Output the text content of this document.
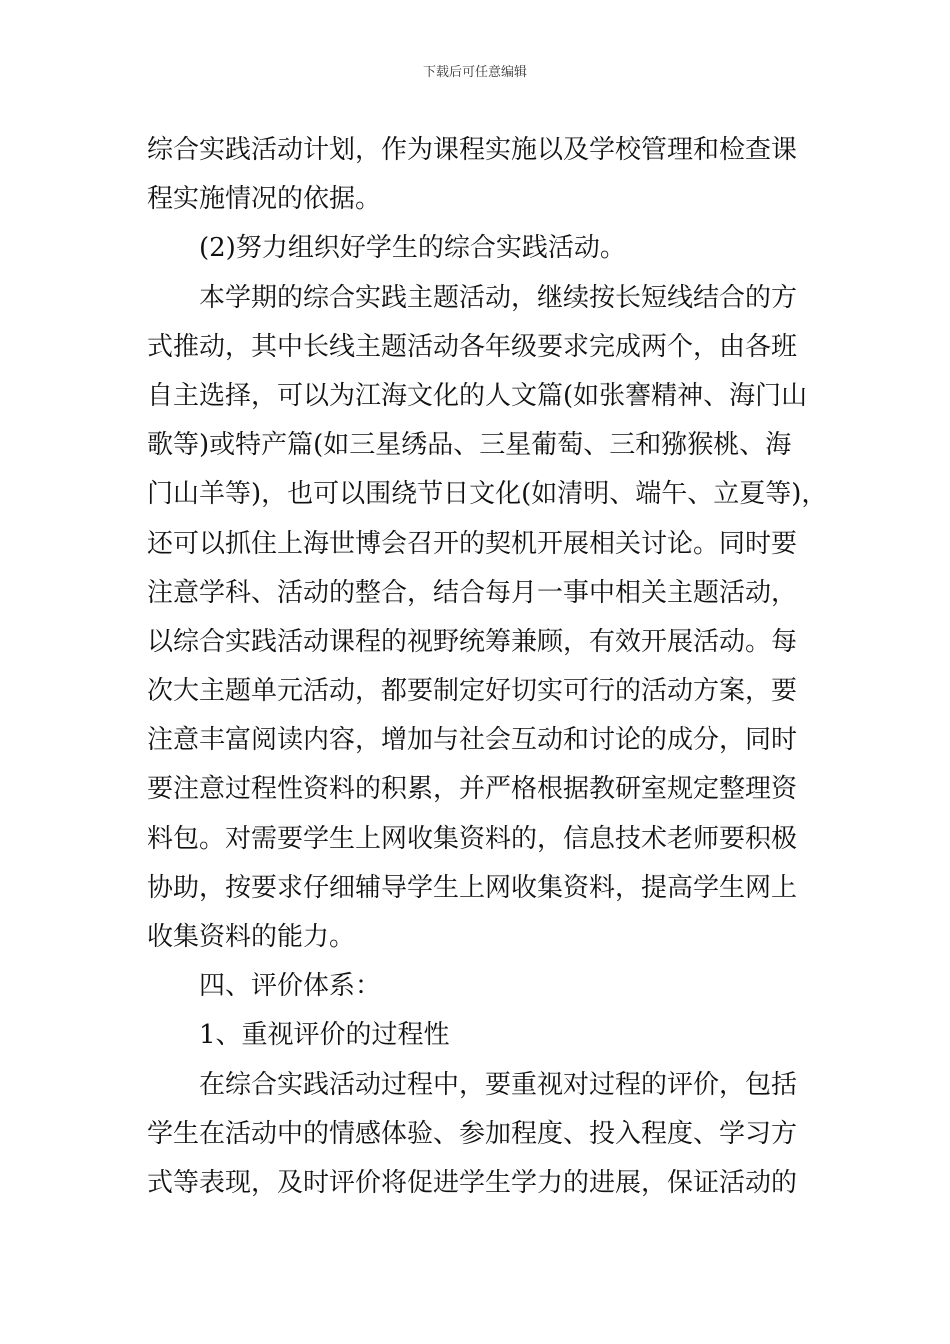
下载后可任意编辑
综合实践活动计划，作为课程实施以及学校管理和检查课
程实施情况的依据。
(2)努力组织好学生的综合实践活动。
本学期的综合实践主题活动，继续按长短线结合的方
式推动，其中长线主题活动各年级要求完成两个，由各班
自主选择，可以为江海文化的人文篇(如张謇精神、海门山
歌等)或特产篇(如三星绣品、三星葡萄、三和猕猴桃、海
门山羊等)，也可以围绕节日文化(如清明、端午、立夏等)，
还可以抓住上海世博会召开的契机开展相关讨论。同时要
注意学科、活动的整合，结合每月一事中相关主题活动，
以综合实践活动课程的视野统筹兼顾，有效开展活动。每
次大主题单元活动，都要制定好切实可行的活动方案，要
注意丰富阅读内容，增加与社会互动和讨论的成分，同时
要注意过程性资料的积累，并严格根据教研室规定整理资
料包。对需要学生上网收集资料的，信息技术老师要积极
协助，按要求仔细辅导学生上网收集资料，提高学生网上
收集资料的能力。
四、评价体系：
1、重视评价的过程性
在综合实践活动过程中，要重视对过程的评价，包括
学生在活动中的情感体验、参加程度、投入程度、学习方
式等表现，及时评价将促进学生学力的进展，保证活动的
